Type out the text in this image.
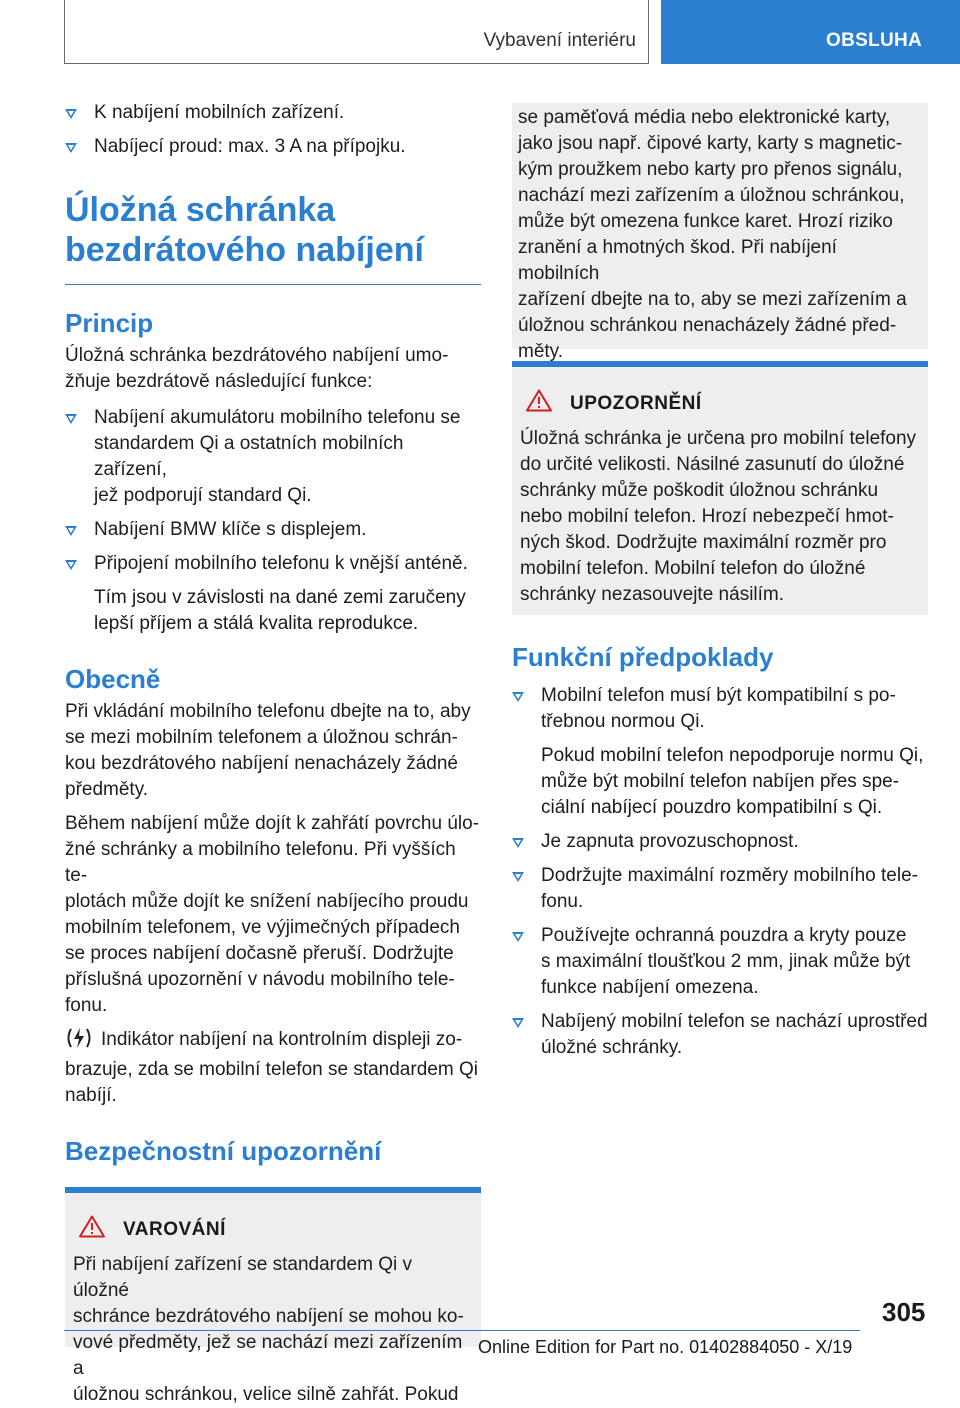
Vybavení interiéru	OBSLUHA
K nabíjení mobilních zařízení.
Nabíjecí proud: max. 3 A na přípojku.
Úložná schránka
bezdrátového nabíjení
Princip
Úložná schránka bezdrátového nabíjení umo-
žňuje bezdrátově následující funkce:
Nabíjení akumulátoru mobilního telefonu se
standardem Qi a ostatních mobilních zařízení,
jež podporují standard Qi.
Nabíjení BMW klíče s displejem.
Připojení mobilního telefonu k vnější anténě.
Tím jsou v závislosti na dané zemi zaručeny
lepší příjem a stálá kvalita reprodukce.
Obecně
Při vkládání mobilního telefonu dbejte na to, aby
se mezi mobilním telefonem a úložnou schrán-
kou bezdrátového nabíjení nenacházely žádné
předměty.
Během nabíjení může dojít k zahřátí povrchu úlo-
žné schránky a mobilního telefonu. Při vyšších te-
plotách může dojít ke snížení nabíjecího proudu
mobilním telefonem, ve výjimečných případech
se proces nabíjení dočasně přeruší. Dodržujte
příslušná upozornění v návodu mobilního tele-
fonu.
Indikátor nabíjení na kontrolním displeji zo-
brazuje, zda se mobilní telefon se standardem Qi
nabíjí.
Bezpečnostní upozornění
VAROVÁNÍ
Při nabíjení zařízení se standardem Qi v úložné
schránce bezdrátového nabíjení se mohou ko-
vové předměty, jež se nachází mezi zařízením a
úložnou schránkou, velice silně zahřát. Pokud
se paměťová média nebo elektronické karty,
jako jsou např. čipové karty, karty s magnetic-
kým proužkem nebo karty pro přenos signálu,
nachází mezi zařízením a úložnou schránkou,
může být omezena funkce karet. Hrozí riziko
zranění a hmotných škod. Při nabíjení mobilních
zařízení dbejte na to, aby se mezi zařízením a
úložnou schránkou nenacházely žádné před-
měty.
UPOZORNĚNÍ
Úložná schránka je určena pro mobilní telefony
do určité velikosti. Násilné zasunutí do úložné
schránky může poškodit úložnou schránku
nebo mobilní telefon. Hrozí nebezpečí hmot-
ných škod. Dodržujte maximální rozměr pro
mobilní telefon. Mobilní telefon do úložné
schránky nezasouvejte násilím.
Funkční předpoklady
Mobilní telefon musí být kompatibilní s po-
třebnou normou Qi.
Pokud mobilní telefon nepodporuje normu Qi,
může být mobilní telefon nabíjen přes spe-
ciální nabíjecí pouzdro kompatibilní s Qi.
Je zapnuta provozuschopnost.
Dodržujte maximální rozměry mobilního tele-
fonu.
Používejte ochranná pouzdra a kryty pouze
s maximální tloušťkou 2 mm, jinak může být
funkce nabíjení omezena.
Nabíjený mobilní telefon se nachází uprostřed
úložné schránky.
305
Online Edition for Part no. 01402884050 - X/19
